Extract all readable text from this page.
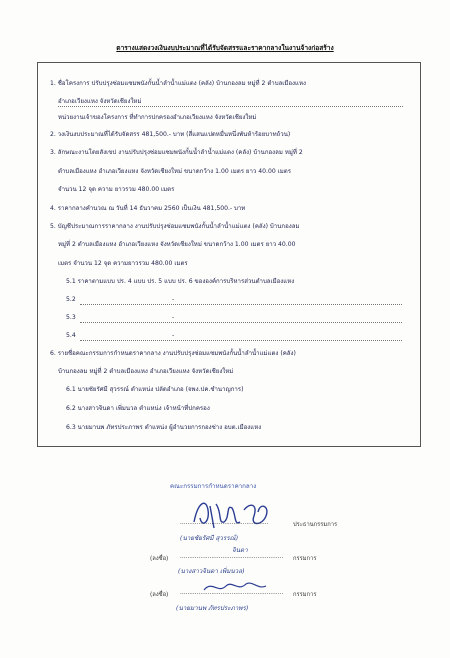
ตารางแสดงวงเงินงบประมาณที่ได้รับจัดสรรและราคากลางในงานจ้างก่อสร้าง
1. ชื่อโครงการ ปรับปรุงซ่อมแซมพนังกั้นน้ำลำน้ำแม่แตง (คลัง) บ้านกองลม หมู่ที่ 2 ตำบลเมืองแหง
อำเภอเวียงแหง จังหวัดเชียงใหม่
หน่วยงานเจ้าของโครงการ ที่ทำการปกครองอำเภอเวียงแหง จังหวัดเชียงใหม่
2. วงเงินงบประมาณที่ได้รับจัดสรร 481,500.- บาท (สี่แสนแปดหมื่นหนึ่งพันห้าร้อยบาทถ้วน)
3. ลักษณะงานโดยสังเขป งานปรับปรุงซ่อมแซมพนังกั้นน้ำลำน้ำแม่แตง (คลัง) บ้านกองลม หมู่ที่ 2
ตำบลเมืองแหง อำเภอเวียงแหง จังหวัดเชียงใหม่ ขนาดกว้าง 1.00 เมตร ยาว 40.00 เมตร
จำนวน 12 จุด ความ ยาวรวม 480.00 เมตร
4. ราคากลางคำนวณ ณ วันที่ 14 ธันวาคม 2560 เป็นเงิน 481,500.- บาท
5. บัญชีประมาณการราคากลาง งานปรับปรุงซ่อมแซมพนังกั้นน้ำลำน้ำแม่แตง (คลัง) บ้านกองลม
หมู่ที่ 2 ตำบลเมืองแหง อำเภอเวียงแหง จังหวัดเชียงใหม่ ขนาดกว้าง 1.00 เมตร ยาว 40.00
เมตร จำนวน 12 จุด ความยาวรวม 480.00 เมตร
5.1 ราคาตามแบบ ปร. 4 แบบ ปร. 5 แบบ ปร. 6 ขององค์การบริหารส่วนตำบลเมืองแหง
5.2	-
5.3	-
5.4	-
6. รายชื่อคณะกรรมการกำหนดราคากลาง งานปรับปรุงซ่อมแซมพนังกั้นน้ำลำน้ำแม่แตง (คลัง)
บ้านกองลม หมู่ที่ 2 ตำบลเมืองแหง อำเภอเวียงแหง จังหวัดเชียงใหม่
6.1 นายชัยรัศมี สุวรรณ์ ตำแหน่ง ปลัดอำเภอ (จพง.ปค.ชำนาญการ)
6.2 นางสาวจินดา เพิ่มนวล ตำแหน่ง เจ้าหน้าที่ปกครอง
6.3 นายมานพ ภัทรประภาพร ตำแหน่ง ผู้อำนวยการกองช่าง อบต.เมืองแหง
คณะกรรมการกำหนดราคากลาง
................................................	ประธานกรรมการ
(นายชัยรัศมี สุวรรณ์)
(ลงชื่อ)
จินดา
........................................................ กรรมการ
(นางสาวจินดา เพิ่มนวล)
(ลงชื่อ) ........................................................ กรรมการ
(นายมานพ ภัทรประภาพร)
